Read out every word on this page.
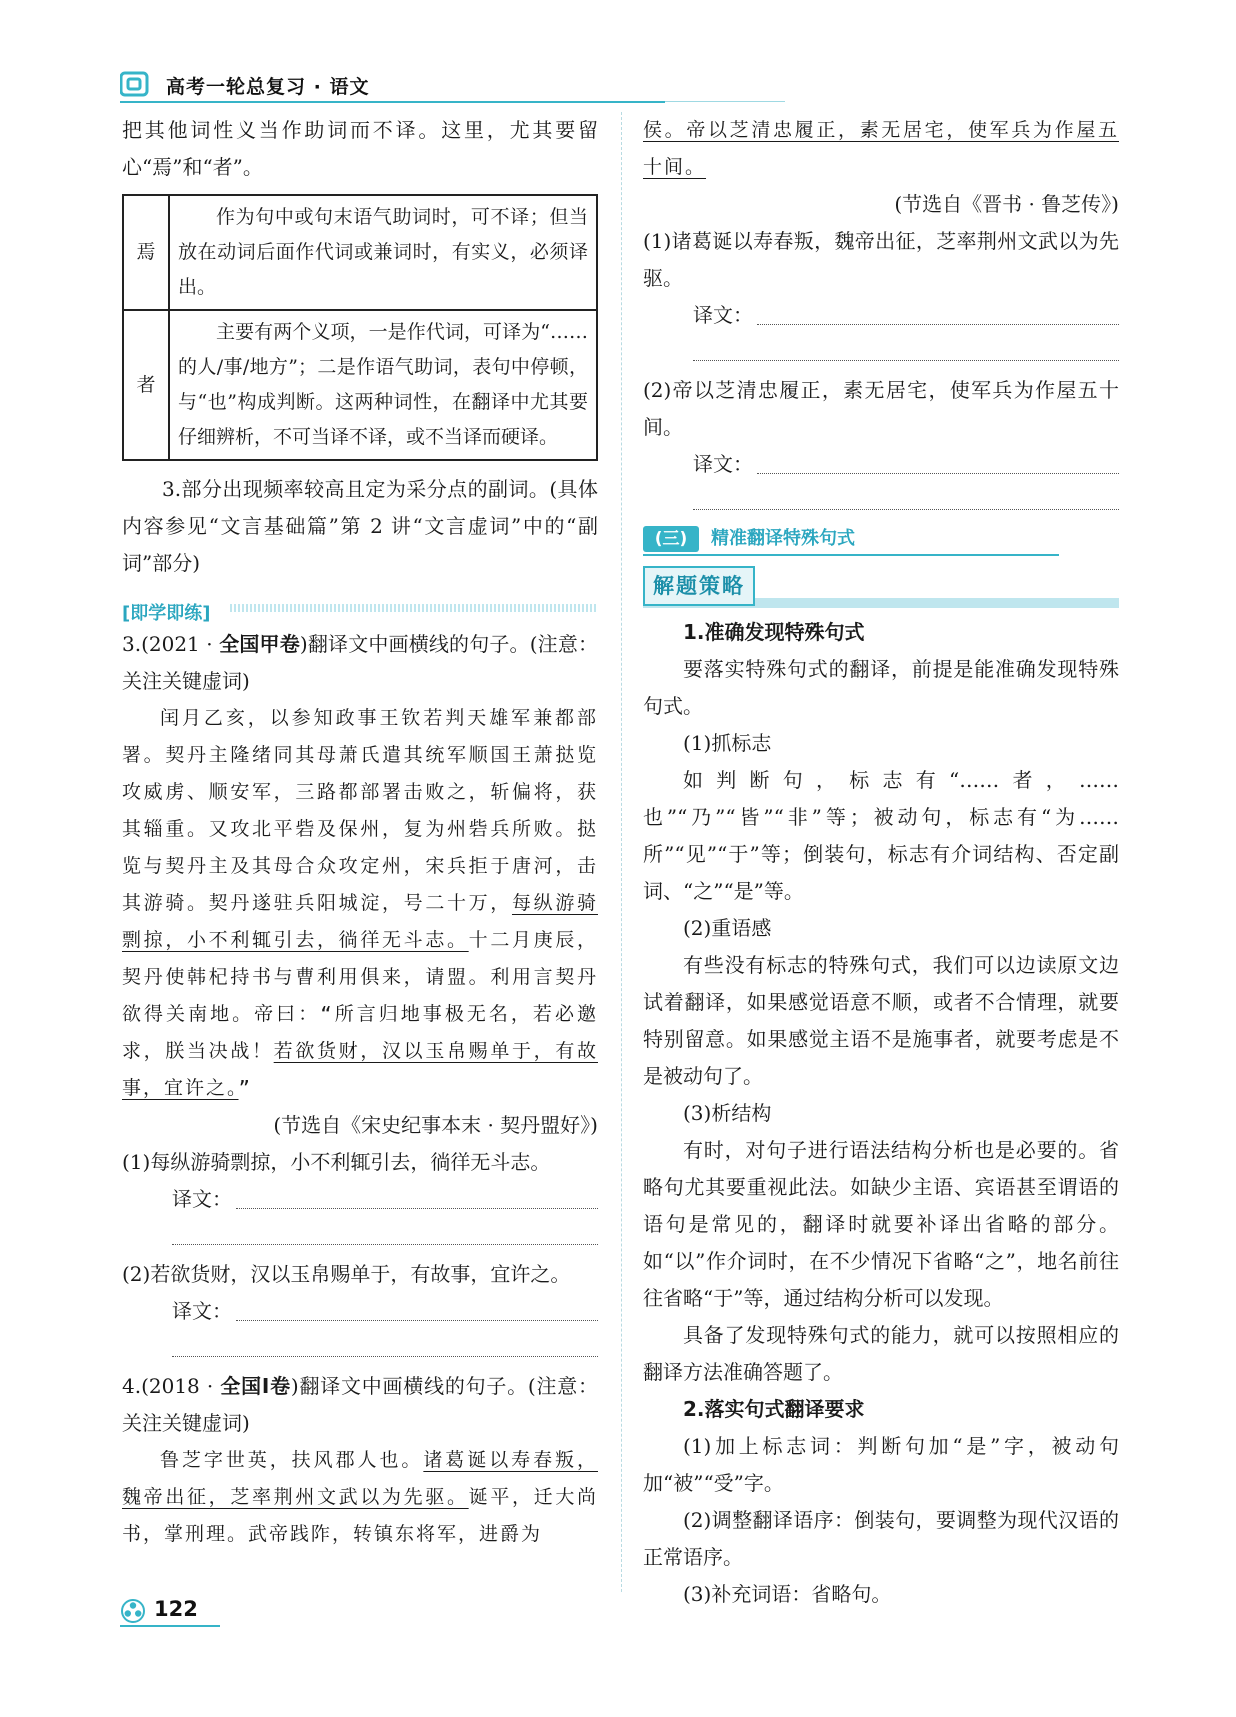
高考一轮总复习 · 语文

把其他词性义当作助词而不译。这里，尤其要留心“焉”和“者”。

焉	作为句中或句末语气助词时，可不译；但当放在动词后面作代词或兼词时，有实义，必须译出。
者	主要有两个义项，一是作代词，可译为“……的人/事/地方”；二是作语气助词，表句中停顿，与“也”构成判断。这两种词性，在翻译中尤其要仔细辨析，不可当译不译，或不当译而硬译。

3.部分出现频率较高且定为采分点的副词。(具体内容参见“文言基础篇”第 2 讲“文言虚词”中的“副词”部分)

[即学即练]

3.(2021 · 全国甲卷)翻译文中画横线的句子。(注意：关注关键虚词)

闰月乙亥，以参知政事王钦若判天雄军兼都部署。契丹主隆绪同其母萧氏遣其统军顺国王萧挞览攻威虏、顺安军，三路都部署击败之，斩偏将，获其辎重。又攻北平砦及保州，复为州砦兵所败。挞览与契丹主及其母合众攻定州，宋兵拒于唐河，击其游骑。契丹遂驻兵阳城淀，号二十万，每纵游骑剽掠，小不利辄引去，徜徉无斗志。十二月庚辰，契丹使韩杞持书与曹利用俱来，请盟。利用言契丹欲得关南地。帝曰：“所言归地事极无名，若必邀求，朕当决战！若欲货财，汉以玉帛赐单于，有故事，宜许之。”

(节选自《宋史纪事本末 · 契丹盟好》)

(1)每纵游骑剽掠，小不利辄引去，徜徉无斗志。

译文：

(2)若欲货财，汉以玉帛赐单于，有故事，宜许之。

译文：

4.(2018 · 全国Ⅰ卷)翻译文中画横线的句子。(注意：关注关键虚词)

鲁芝字世英，扶风郡人也。诸葛诞以寿春叛，魏帝出征，芝率荆州文武以为先驱。诞平，迁大尚书，掌刑理。武帝践阼，转镇东将军，进爵为

侯。帝以芝清忠履正，素无居宅，使军兵为作屋五十间。

(节选自《晋书 · 鲁芝传》)

(1)诸葛诞以寿春叛，魏帝出征，芝率荆州文武以为先驱。

译文：

(2)帝以芝清忠履正，素无居宅，使军兵为作屋五十间。

译文：
(三)	精准翻译特殊句式
解题策略

1.准确发现特殊句式

要落实特殊句式的翻译，前提是能准确发现特殊句式。

(1)抓标志

如判断句，标志有“……者，……也”“乃”“皆”“非”等；被动句，标志有“为……所”“见”“于”等；倒装句，标志有介词结构、否定副词、“之”“是”等。

(2)重语感

有些没有标志的特殊句式，我们可以边读原文边试着翻译，如果感觉语意不顺，或者不合情理，就要特别留意。如果感觉主语不是施事者，就要考虑是不是被动句了。

(3)析结构

有时，对句子进行语法结构分析也是必要的。省略句尤其要重视此法。如缺少主语、宾语甚至谓语的语句是常见的，翻译时就要补译出省略的部分。如“以”作介词时，在不少情况下省略“之”，地名前往往省略“于”等，通过结构分析可以发现。

具备了发现特殊句式的能力，就可以按照相应的翻译方法准确答题了。

2.落实句式翻译要求

(1)加上标志词：判断句加“是”字，被动句加“被”“受”字。

(2)调整翻译语序：倒装句，要调整为现代汉语的正常语序。

(3)补充词语：省略句。

122
